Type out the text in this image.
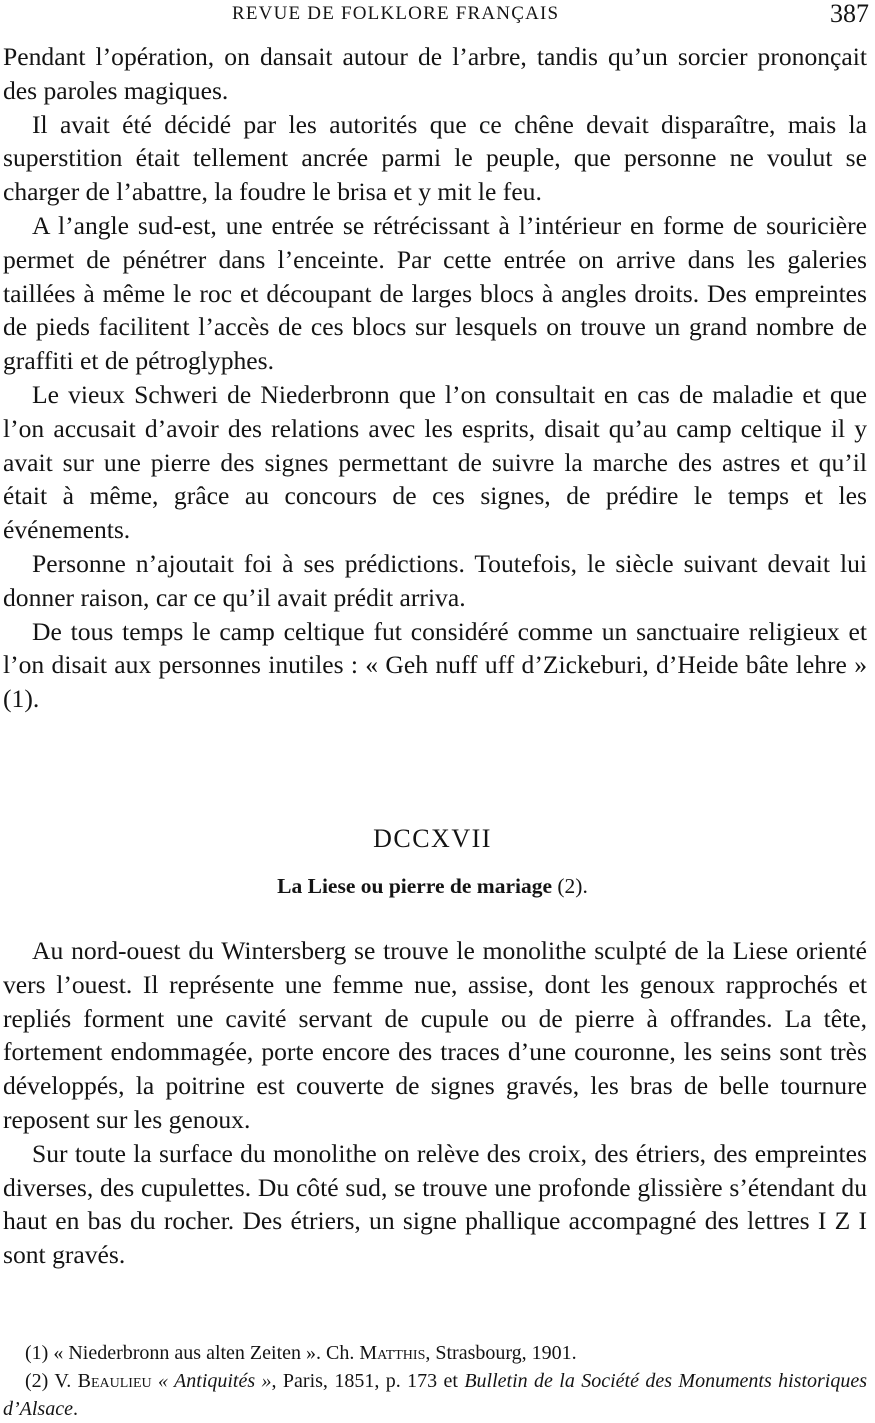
REVUE DE FOLKLORE FRANÇAIS	387

Pendant l’opération, on dansait autour de l’arbre, tandis qu’un sorcier prononçait des paroles magiques.

Il avait été décidé par les autorités que ce chêne devait disparaître, mais la superstition était tellement ancrée parmi le peuple, que personne ne voulut se charger de l’abattre, la foudre le brisa et y mit le feu.

A l’angle sud-est, une entrée se rétrécissant à l’intérieur en forme de souricière permet de pénétrer dans l’enceinte. Par cette entrée on arrive dans les galeries taillées à même le roc et découpant de larges blocs à angles droits. Des empreintes de pieds facilitent l’accès de ces blocs sur lesquels on trouve un grand nombre de graffiti et de pétroglyphes.

Le vieux Schweri de Niederbronn que l’on consultait en cas de maladie et que l’on accusait d’avoir des relations avec les esprits, disait qu’au camp celtique il y avait sur une pierre des signes permettant de suivre la marche des astres et qu’il était à même, grâce au concours de ces signes, de prédire le temps et les événements.

Personne n’ajoutait foi à ses prédictions. Toutefois, le siècle suivant devait lui donner raison, car ce qu’il avait prédit arriva.

De tous temps le camp celtique fut considéré comme un sanctuaire religieux et l’on disait aux personnes inutiles : « Geh nuff uff d’Zickeburi, d’Heide bâte lehre » (1).

DCCXVII
La Liese ou pierre de mariage (2).

Au nord-ouest du Wintersberg se trouve le monolithe sculpté de la Liese orienté vers l’ouest. Il représente une femme nue, assise, dont les genoux rapprochés et repliés forment une cavité servant de cupule ou de pierre à offrandes. La tête, fortement endommagée, porte encore des traces d’une couronne, les seins sont très développés, la poitrine est couverte de signes gravés, les bras de belle tournure reposent sur les genoux.

Sur toute la surface du monolithe on relève des croix, des étriers, des empreintes diverses, des cupulettes. Du côté sud, se trouve une profonde glissière s’étendant du haut en bas du rocher. Des étriers, un signe phallique accompagné des lettres I Z I sont gravés.

(1) « Niederbronn aus alten Zeiten ». Ch. Matthis, Strasbourg, 1901.

(2) V. Beaulieu « Antiquités », Paris, 1851, p. 173 et Bulletin de la Société des Monuments historiques d’Alsace.
